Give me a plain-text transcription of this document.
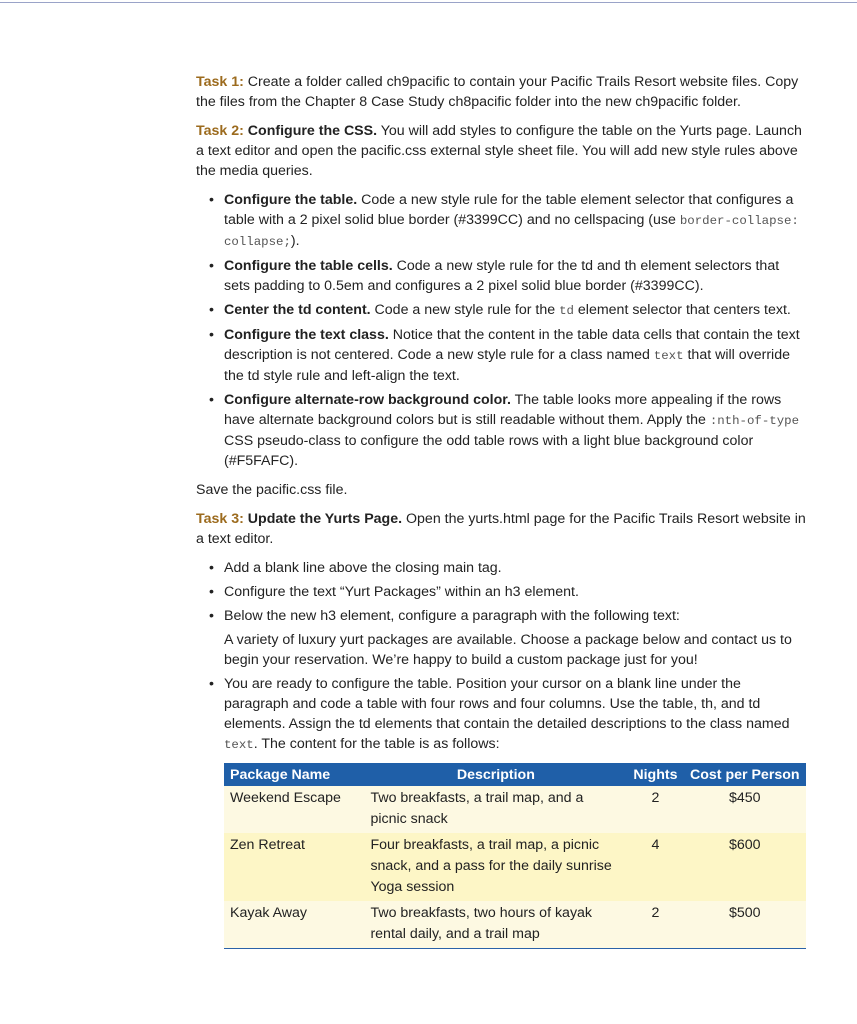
Task 1: Create a folder called ch9pacific to contain your Pacific Trails Resort website files. Copy the files from the Chapter 8 Case Study ch8pacific folder into the new ch9pacific folder.

Task 2: Configure the CSS. You will add styles to configure the table on the Yurts page. Launch a text editor and open the pacific.css external style sheet file. You will add new style rules above the media queries.

• Configure the table. Code a new style rule for the table element selector that configures a table with a 2 pixel solid blue border (#3399CC) and no cellspacing (use border-collapse: collapse;).
• Configure the table cells. Code a new style rule for the td and th element selectors that sets padding to 0.5em and configures a 2 pixel solid blue border (#3399CC).
• Center the td content. Code a new style rule for the td element selector that centers text.
• Configure the text class. Notice that the content in the table data cells that contain the text description is not centered. Code a new style rule for a class named text that will override the td style rule and left-align the text.
• Configure alternate-row background color. The table looks more appealing if the rows have alternate background colors but is still readable without them. Apply the :nth-of-type CSS pseudo-class to configure the odd table rows with a light blue background color (#F5FAFC).

Save the pacific.css file.

Task 3: Update the Yurts Page. Open the yurts.html page for the Pacific Trails Resort website in a text editor.

• Add a blank line above the closing main tag.
• Configure the text “Yurt Packages” within an h3 element.
• Below the new h3 element, configure a paragraph with the following text:
A variety of luxury yurt packages are available. Choose a package below and contact us to begin your reservation. We’re happy to build a custom package just for you!
• You are ready to configure the table. Position your cursor on a blank line under the paragraph and code a table with four rows and four columns. Use the table, th, and td elements. Assign the td elements that contain the detailed descriptions to the class named text. The content for the table is as follows:
Package Name	Description	Nights	Cost per Person
Weekend Escape	Two breakfasts, a trail map, and a picnic snack	2	$450
Zen Retreat	Four breakfasts, a trail map, a picnic snack, and a pass for the daily sunrise Yoga session	4	$600
Kayak Away	Two breakfasts, two hours of kayak rental daily, and a trail map	2	$500
